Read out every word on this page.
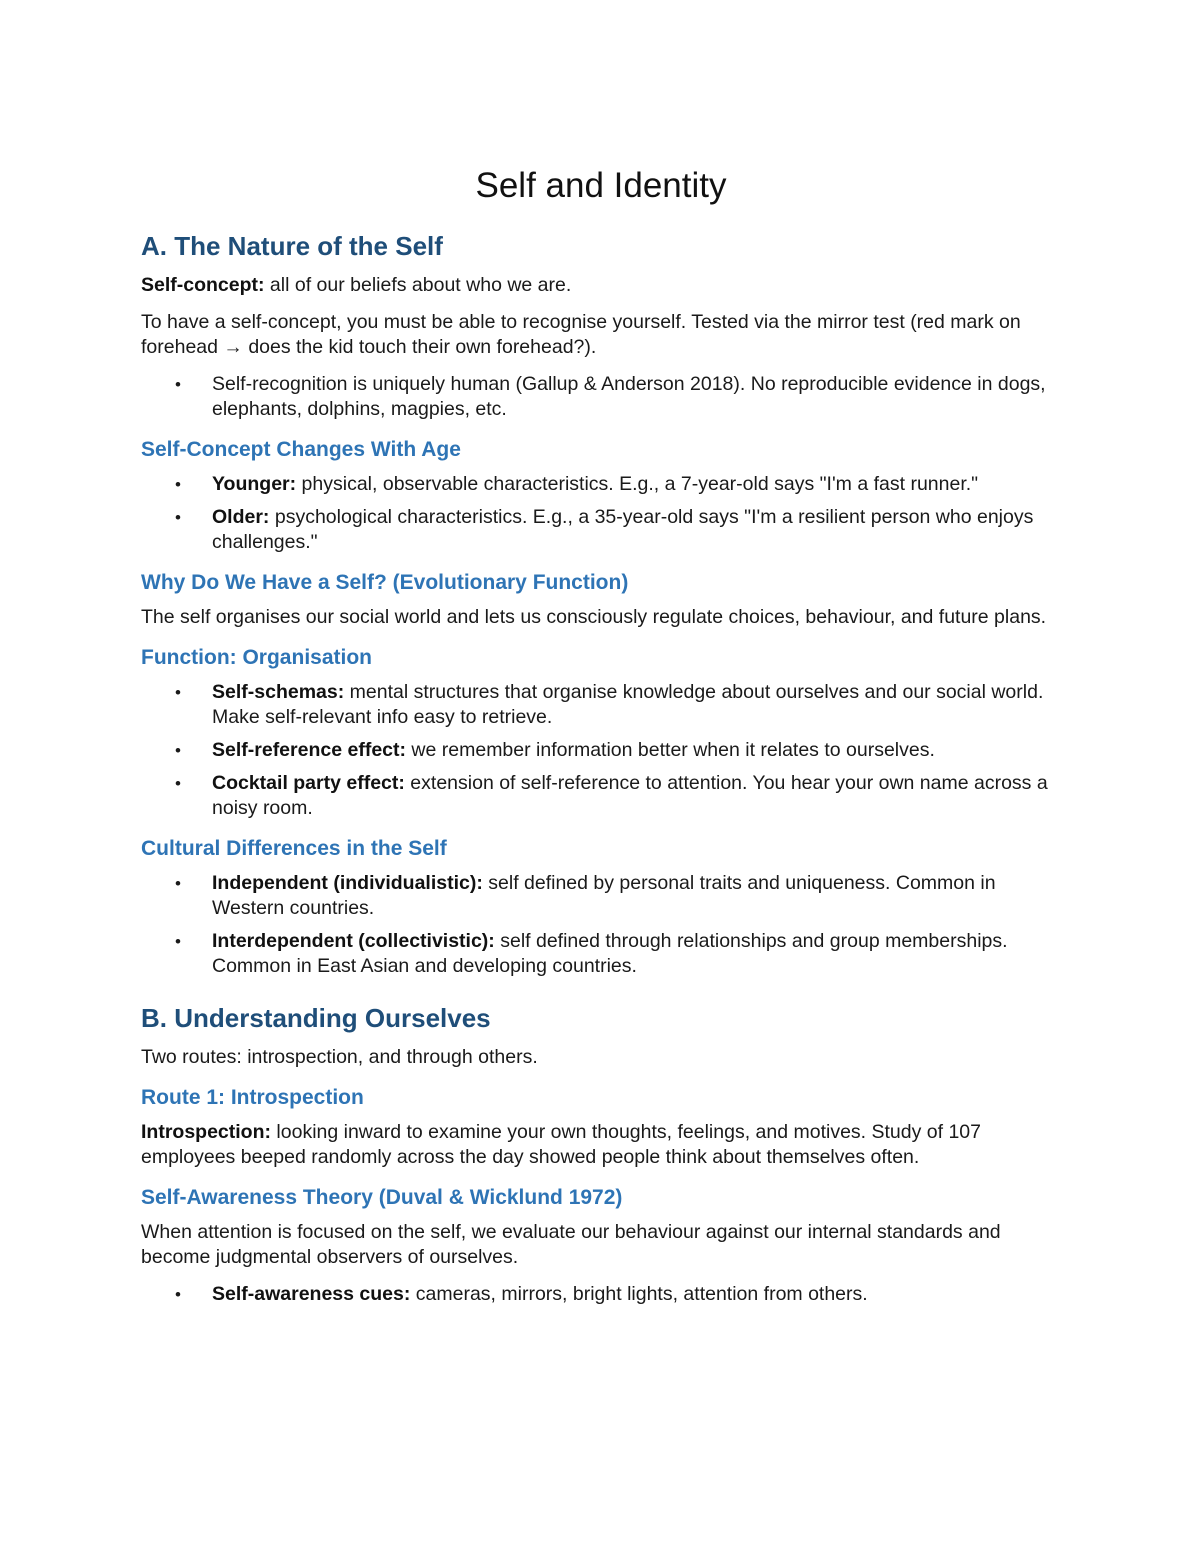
Self and Identity
A. The Nature of the Self

Self-concept: all of our beliefs about who we are.

To have a self-concept, you must be able to recognise yourself. Tested via the mirror test (red mark on forehead → does the kid touch their own forehead?).

• Self-recognition is uniquely human (Gallup & Anderson 2018). No reproducible evidence in dogs, elephants, dolphins, magpies, etc.
Self-Concept Changes With Age
• Younger: physical, observable characteristics. E.g., a 7-year-old says "I'm a fast runner."
• Older: psychological characteristics. E.g., a 35-year-old says "I'm a resilient person who enjoys challenges."
Why Do We Have a Self? (Evolutionary Function)

The self organises our social world and lets us consciously regulate choices, behaviour, and future plans.

Function: Organisation
• Self-schemas: mental structures that organise knowledge about ourselves and our social world. Make self-relevant info easy to retrieve.
• Self-reference effect: we remember information better when it relates to ourselves.
• Cocktail party effect: extension of self-reference to attention. You hear your own name across a noisy room.
Cultural Differences in the Self
• Independent (individualistic): self defined by personal traits and uniqueness. Common in Western countries.
• Interdependent (collectivistic): self defined through relationships and group memberships. Common in East Asian and developing countries.
B. Understanding Ourselves

Two routes: introspection, and through others.

Route 1: Introspection

Introspection: looking inward to examine your own thoughts, feelings, and motives. Study of 107 employees beeped randomly across the day showed people think about themselves often.

Self-Awareness Theory (Duval & Wicklund 1972)

When attention is focused on the self, we evaluate our behaviour against our internal standards and become judgmental observers of ourselves.

• Self-awareness cues: cameras, mirrors, bright lights, attention from others.
